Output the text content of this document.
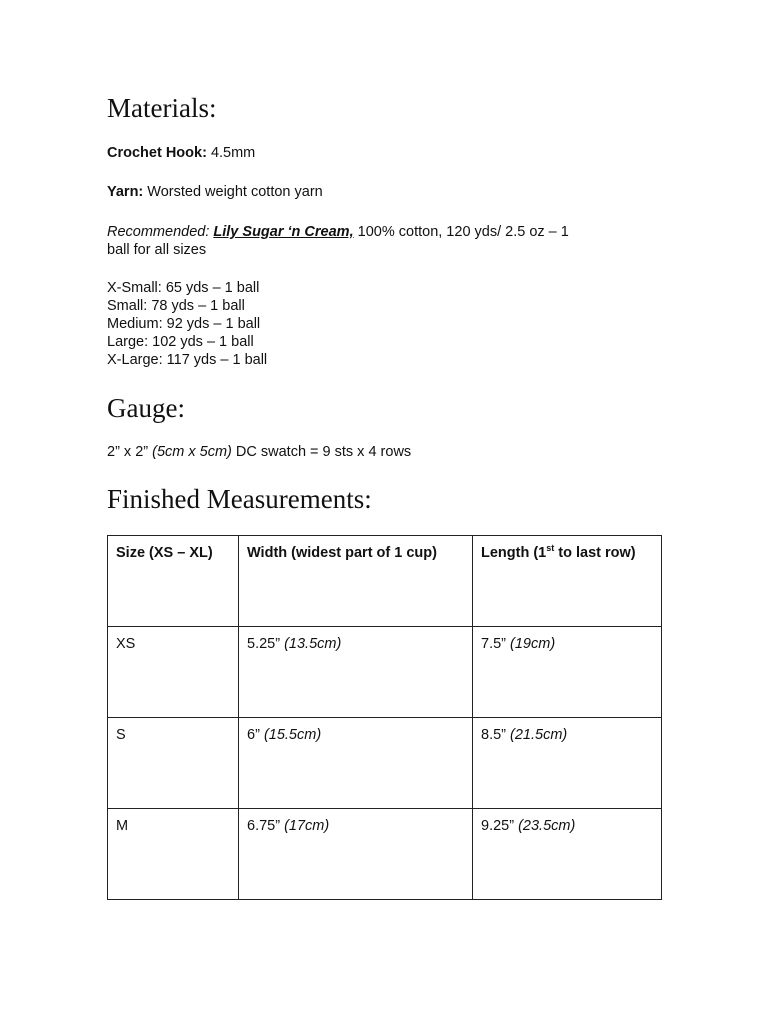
Materials:
Crochet Hook: 4.5mm
Yarn: Worsted weight cotton yarn
Recommended: Lily Sugar ‘n Cream, 100% cotton, 120 yds/ 2.5 oz – 1
ball for all sizes
X-Small: 65 yds – 1 ball
Small: 78 yds – 1 ball
Medium: 92 yds – 1 ball
Large: 102 yds – 1 ball
X-Large: 117 yds – 1 ball
Gauge:
2” x 2” (5cm x 5cm) DC swatch = 9 sts x 4 rows
Finished Measurements:
Size (XS – XL)	Width (widest part of 1 cup)	Length (1st to last row)
XS	5.25” (13.5cm)	7.5” (19cm)
S	6” (15.5cm)	8.5” (21.5cm)
M	6.75” (17cm)	9.25” (23.5cm)
